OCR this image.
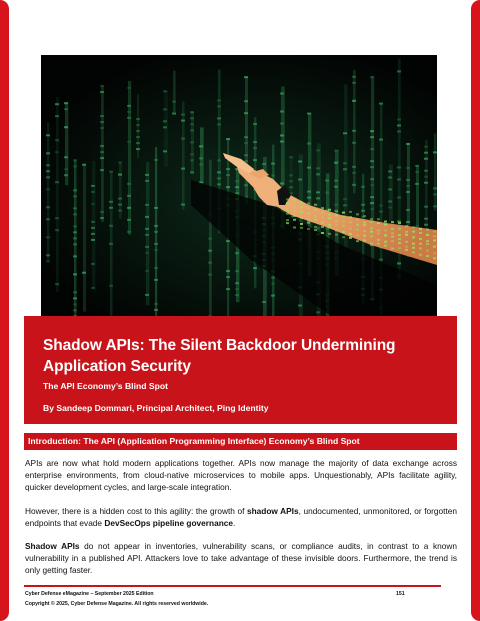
Shadow APIs: The Silent Backdoor Undermining Application Security
The API Economy’s Blind Spot
By Sandeep Dommari, Principal Architect, Ping Identity
Introduction: The API (Application Programming Interface) Economy’s Blind Spot

APIs are now what hold modern applications together. APIs now manage the majority of data exchange across enterprise environments, from cloud-native microservices to mobile apps. Unquestionably, APIs facilitate agility, quicker development cycles, and large-scale integration.

However, there is a hidden cost to this agility: the growth of shadow APIs, undocumented, unmonitored, or forgotten endpoints that evade DevSecOps pipeline governance.

Shadow APIs do not appear in inventories, vulnerability scans, or compliance audits, in contrast to a known vulnerability in a published API. Attackers love to take advantage of these invisible doors. Furthermore, the trend is only getting faster.

Cyber Defense eMagazine – September 2025 Edition	151
Copyright © 2025, Cyber Defense Magazine. All rights reserved worldwide.
